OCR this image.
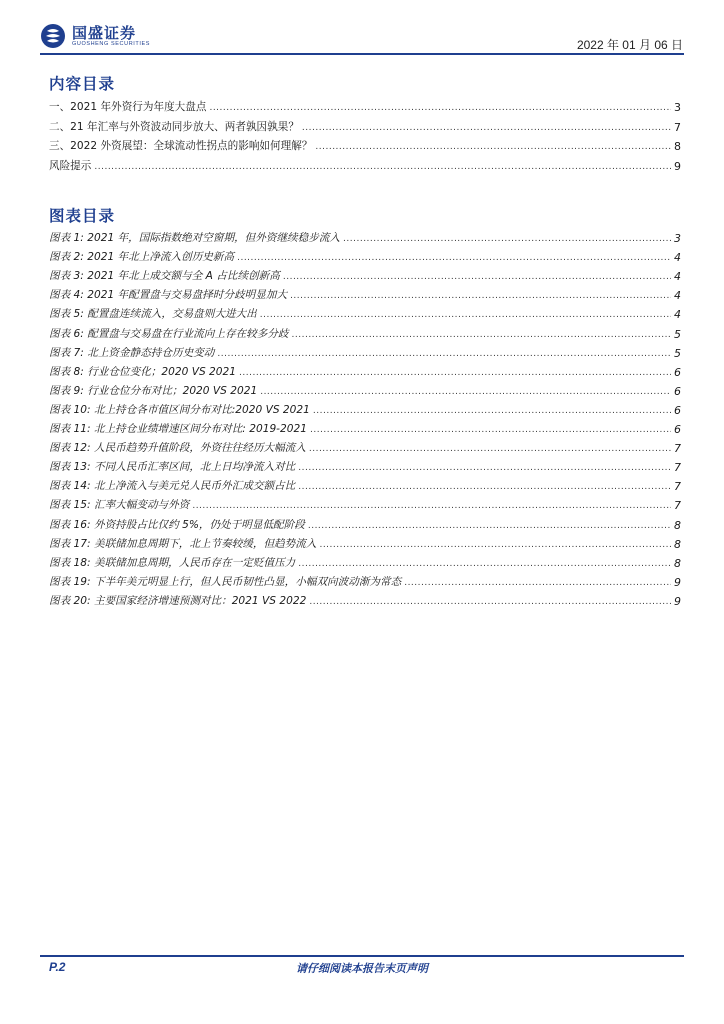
国盛证券
GUOSHENG SECURITIES	2022 年 01 月 06 日
内容目录
一、2021 年外资行为年度大盘点 .....	3
二、21 年汇率与外资波动同步放大、两者孰因孰果？ .....	7
三、2022 外资展望：全球流动性拐点的影响如何理解？ .....	8
风险提示 .....	9
图表目录
图表 1: 2021 年，国际指数绝对空窗期，但外资继续稳步流入 .....	3
图表 2: 2021 年北上净流入创历史新高 .....	4
图表 3: 2021 年北上成交额与全 A 占比续创新高 .....	4
图表 4: 2021 年配置盘与交易盘择时分歧明显加大 .....	4
图表 5: 配置盘连续流入，交易盘则大进大出 .....	4
图表 6: 配置盘与交易盘在行业流向上存在较多分歧 .....	5
图表 7: 北上资金静态持仓历史变动 .....	5
图表 8: 行业仓位变化；2020 VS 2021 .....	6
图表 9: 行业仓位分布对比；2020 VS 2021 .....	6
图表 10: 北上持仓各市值区间分布对比:2020 VS 2021 .....	6
图表 11: 北上持仓业绩增速区间分布对比: 2019-2021 .....	6
图表 12: 人民币趋势升值阶段，外资往往经历大幅流入 .....	7
图表 13: 不同人民币汇率区间，北上日均净流入对比 .....	7
图表 14: 北上净流入与美元兑人民币外汇成交额占比 .....	7
图表 15: 汇率大幅变动与外资 .....	7
图表 16: 外资持股占比仅约 5%，仍处于明显低配阶段 .....	8
图表 17: 美联储加息周期下，北上节奏较缓，但趋势流入 .....	8
图表 18: 美联储加息周期，人民币存在一定贬值压力 .....	8
图表 19: 下半年美元明显上行，但人民币韧性凸显，小幅双向波动渐为常态 .....	9
图表 20: 主要国家经济增速预测对比：2021 VS 2022 .....	9
P.2	请仔细阅读本报告末页声明
